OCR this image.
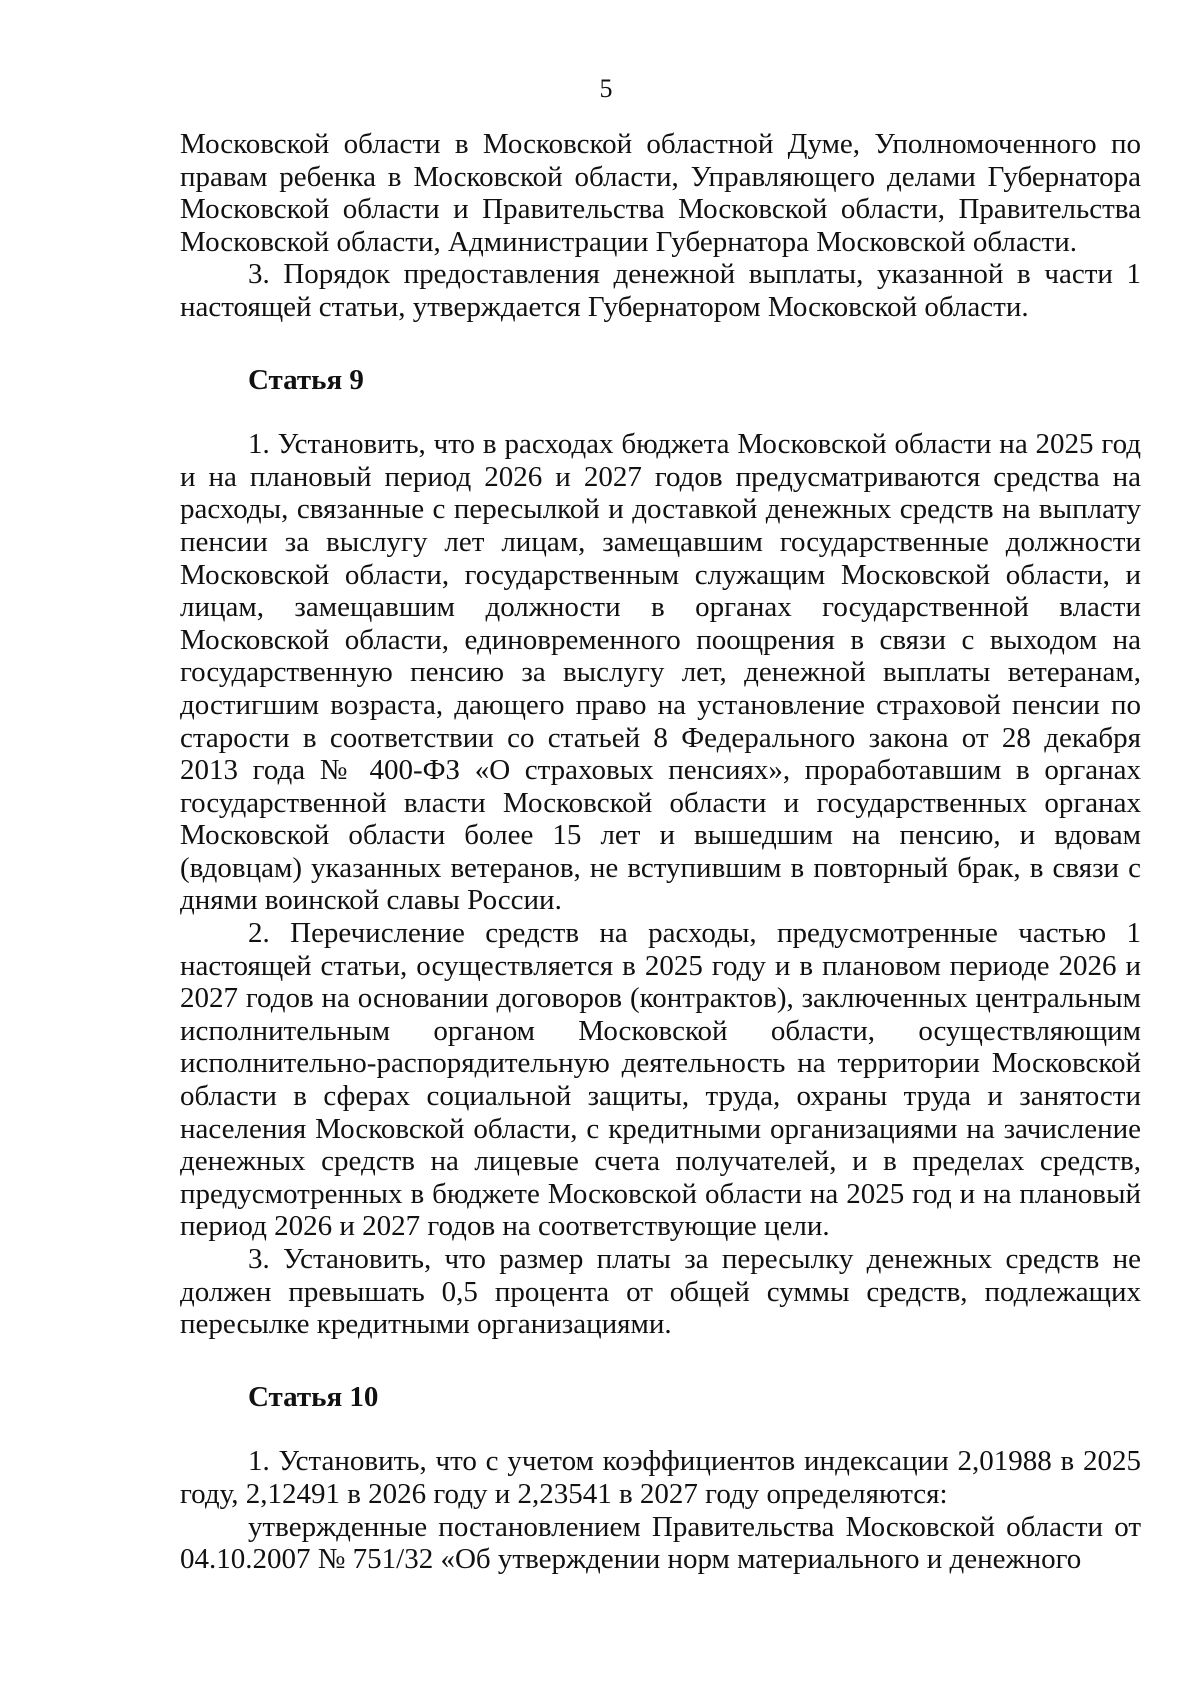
5

Московской области в Московской областной Думе, Уполномоченного по правам ребенка в Московской области, Управляющего делами Губернатора Московской области и Правительства Московской области, Правительства Московской области, Администрации Губернатора Московской области.

3. Порядок предоставления денежной выплаты, указанной в части 1 настоящей статьи, утверждается Губернатором Московской области.

Статья 9

1. Установить, что в расходах бюджета Московской области на 2025 год и на плановый период 2026 и 2027 годов предусматриваются средства на расходы, связанные с пересылкой и доставкой денежных средств на выплату пенсии за выслугу лет лицам, замещавшим государственные должности Московской области, государственным служащим Московской области, и лицам, замещавшим должности в органах государственной власти Московской области, единовременного поощрения в связи с выходом на государственную пенсию за выслугу лет, денежной выплаты ветеранам, достигшим возраста, дающего право на установление страховой пенсии по старости в соответствии со статьей 8 Федерального закона от 28 декабря 2013 года № 400-ФЗ «О страховых пенсиях», проработавшим в органах государственной власти Московской области и государственных органах Московской области более 15 лет и вышедшим на пенсию, и вдовам (вдовцам) указанных ветеранов, не вступившим в повторный брак, в связи с днями воинской славы России.

2. Перечисление средств на расходы, предусмотренные частью 1 настоящей статьи, осуществляется в 2025 году и в плановом периоде 2026 и 2027 годов на основании договоров (контрактов), заключенных центральным исполнительным органом Московской области, осуществляющим исполнительно-распорядительную деятельность на территории Московской области в сферах социальной защиты, труда, охраны труда и занятости населения Московской области, с кредитными организациями на зачисление денежных средств на лицевые счета получателей, и в пределах средств, предусмотренных в бюджете Московской области на 2025 год и на плановый период 2026 и 2027 годов на соответствующие цели.

3. Установить, что размер платы за пересылку денежных средств не должен превышать 0,5 процента от общей суммы средств, подлежащих пересылке кредитными организациями.

Статья 10

1. Установить, что с учетом коэффициентов индексации 2,01988 в 2025 году, 2,12491 в 2026 году и 2,23541 в 2027 году определяются:

утвержденные постановлением Правительства Московской области от 04.10.2007 № 751/32 «Об утверждении норм материального и денежного
